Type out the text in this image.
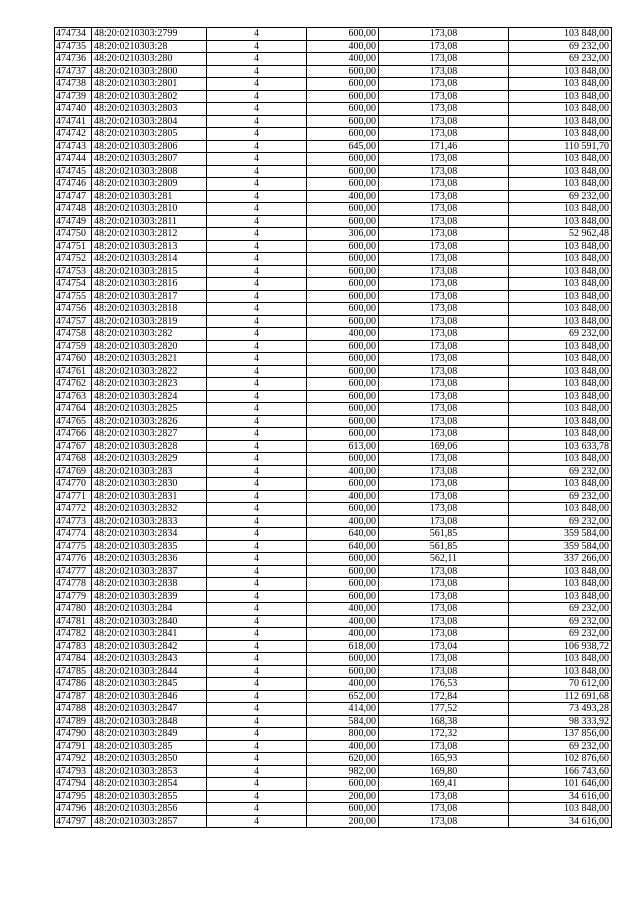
474734	48:20:0210303:2799	4	600,00	173,08	103 848,00
474735	48:20:0210303:28	4	400,00	173,08	69 232,00
474736	48:20:0210303:280	4	400,00	173,08	69 232,00
474737	48:20:0210303:2800	4	600,00	173,08	103 848,00
474738	48:20:0210303:2801	4	600,00	173,08	103 848,00
474739	48:20:0210303:2802	4	600,00	173,08	103 848,00
474740	48:20:0210303:2803	4	600,00	173,08	103 848,00
474741	48:20:0210303:2804	4	600,00	173,08	103 848,00
474742	48:20:0210303:2805	4	600,00	173,08	103 848,00
474743	48:20:0210303:2806	4	645,00	171,46	110 591,70
474744	48:20:0210303:2807	4	600,00	173,08	103 848,00
474745	48:20:0210303:2808	4	600,00	173,08	103 848,00
474746	48:20:0210303:2809	4	600,00	173,08	103 848,00
474747	48:20:0210303:281	4	400,00	173,08	69 232,00
474748	48:20:0210303:2810	4	600,00	173,08	103 848,00
474749	48:20:0210303:2811	4	600,00	173,08	103 848,00
474750	48:20:0210303:2812	4	306,00	173,08	52 962,48
474751	48:20:0210303:2813	4	600,00	173,08	103 848,00
474752	48:20:0210303:2814	4	600,00	173,08	103 848,00
474753	48:20:0210303:2815	4	600,00	173,08	103 848,00
474754	48:20:0210303:2816	4	600,00	173,08	103 848,00
474755	48:20:0210303:2817	4	600,00	173,08	103 848,00
474756	48:20:0210303:2818	4	600,00	173,08	103 848,00
474757	48:20:0210303:2819	4	600,00	173,08	103 848,00
474758	48:20:0210303:282	4	400,00	173,08	69 232,00
474759	48:20:0210303:2820	4	600,00	173,08	103 848,00
474760	48:20:0210303:2821	4	600,00	173,08	103 848,00
474761	48:20:0210303:2822	4	600,00	173,08	103 848,00
474762	48:20:0210303:2823	4	600,00	173,08	103 848,00
474763	48:20:0210303:2824	4	600,00	173,08	103 848,00
474764	48:20:0210303:2825	4	600,00	173,08	103 848,00
474765	48:20:0210303:2826	4	600,00	173,08	103 848,00
474766	48:20:0210303:2827	4	600,00	173,08	103 848,00
474767	48:20:0210303:2828	4	613,00	169,06	103 633,78
474768	48:20:0210303:2829	4	600,00	173,08	103 848,00
474769	48:20:0210303:283	4	400,00	173,08	69 232,00
474770	48:20:0210303:2830	4	600,00	173,08	103 848,00
474771	48:20:0210303:2831	4	400,00	173,08	69 232,00
474772	48:20:0210303:2832	4	600,00	173,08	103 848,00
474773	48:20:0210303:2833	4	400,00	173,08	69 232,00
474774	48:20:0210303:2834	4	640,00	561,85	359 584,00
474775	48:20:0210303:2835	4	640,00	561,85	359 584,00
474776	48:20:0210303:2836	4	600,00	562,11	337 266,00
474777	48:20:0210303:2837	4	600,00	173,08	103 848,00
474778	48:20:0210303:2838	4	600,00	173,08	103 848,00
474779	48:20:0210303:2839	4	600,00	173,08	103 848,00
474780	48:20:0210303:284	4	400,00	173,08	69 232,00
474781	48:20:0210303:2840	4	400,00	173,08	69 232,00
474782	48:20:0210303:2841	4	400,00	173,08	69 232,00
474783	48:20:0210303:2842	4	618,00	173,04	106 938,72
474784	48:20:0210303:2843	4	600,00	173,08	103 848,00
474785	48:20:0210303:2844	4	600,00	173,08	103 848,00
474786	48:20:0210303:2845	4	400,00	176,53	70 612,00
474787	48:20:0210303:2846	4	652,00	172,84	112 691,68
474788	48:20:0210303:2847	4	414,00	177,52	73 493,28
474789	48:20:0210303:2848	4	584,00	168,38	98 333,92
474790	48:20:0210303:2849	4	800,00	172,32	137 856,00
474791	48:20:0210303:285	4	400,00	173,08	69 232,00
474792	48:20:0210303:2850	4	620,00	165,93	102 876,60
474793	48:20:0210303:2853	4	982,00	169,80	166 743,60
474794	48:20:0210303:2854	4	600,00	169,41	101 646,00
474795	48:20:0210303:2855	4	200,00	173,08	34 616,00
474796	48:20:0210303:2856	4	600,00	173,08	103 848,00
474797	48:20:0210303:2857	4	200,00	173,08	34 616,00
